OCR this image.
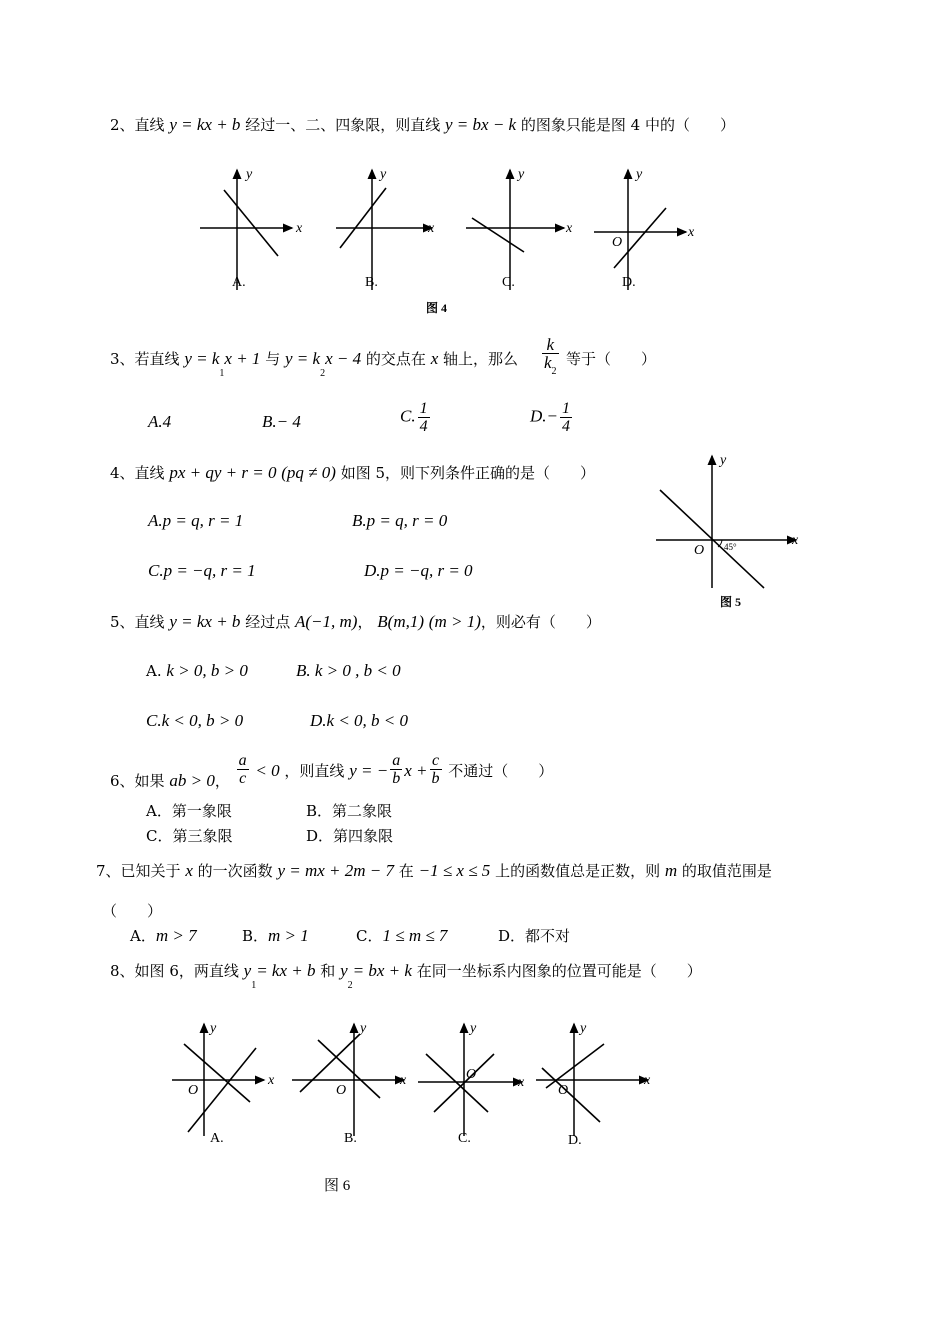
2、直线 y = kx + b 经过一、二、四象限，则直线 y = bx − k 的图象只能是图 4 中的（　　）
y
x
A.
y
x
B.
y
x
C.
y
x
O
D.
图 4
3、若直线 $y = k_1x + 1$ 与 $y = k_2x - 4$ 的交点在 x 轴上，那么 $\frac{k}{k_2}$ 等于（　　）
A.4	B.− 4	C. $\frac{1}{4}$	$D.- \frac{1}{4}$
4、直线 px + qy + r = 0 (pq ≠ 0) 如图 5，则下列条件正确的是（　　）
A.p = q, r = 1	B.p = q, r = 0
C.p = −q, r = 1	D.p = −q, r = 0
y
x
O 45°
图 5
5、直线 y = kx + b 经过点 A(−1, m)， B(m,1) (m > 1)，则必有（　　）
A. k > 0, b > 0	B. k > 0 , b < 0
C.k < 0, b > 0	D.k < 0, b < 0
6、如果 ab > 0， $\frac{a}{c} < 0$ ，则直线 y = − $\frac{a}{b}$ $x + \frac{c}{b}$ 不通过（　　）
A．第一象限	B．第二象限
C．第三象限	D．第四象限
7、已知关于 x 的一次函数 y = mx + 2m − 7 在 −1 ≤ x ≤ 5 上的函数值总是正数，则 m 的取值范围是
（　　）
A．m > 7	B．m > 1	C．1 ≤ m ≤ 7	D．都不对
8、如图 6，两直线 $y_1=$ kx + b 和 $y_2=$ bx + k 在同一坐标系内图象的位置可能是（　　）
y
x
O
A.
y
x
O
B.
y
x
O
C.
y
x
O
D.
图 6
